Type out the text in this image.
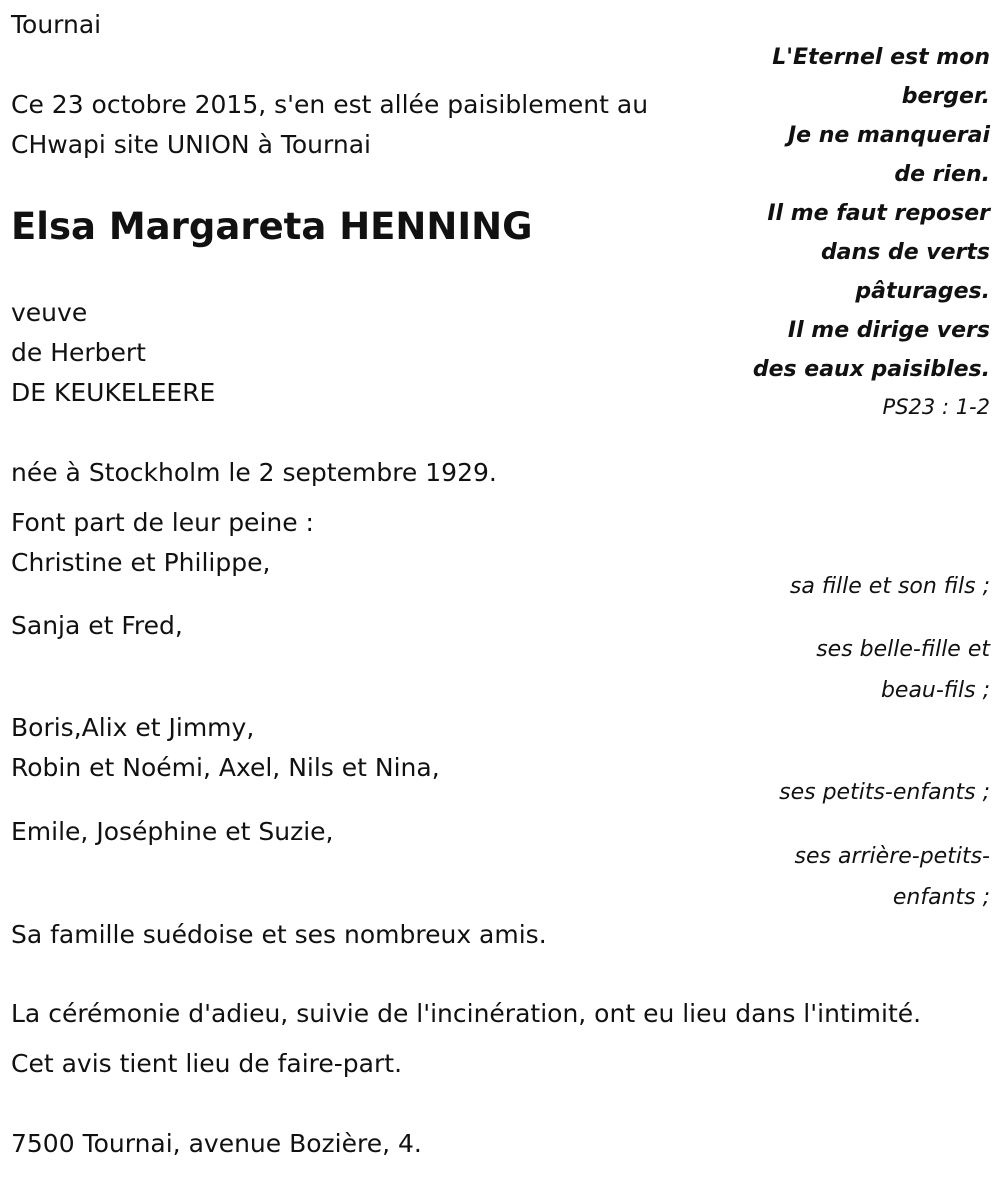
Tournai

Ce 23 octobre 2015, s'en est allée paisiblement au

CHwapi site UNION à Tournai

Elsa Margareta HENNING

veuve

de Herbert

DE KEUKELEERE

née à Stockholm le 2 septembre 1929.

L'Eternel est mon
berger.
Je ne manquerai
de rien.
Il me faut reposer
dans de verts
pâturages.
Il me dirige vers
des eaux paisibles.
PS23 : 1-2

Font part de leur peine :

Christine et Philippe,

sa fille et son fils ;

Sanja et Fred,

ses belle-fille et
beau-fils ;

Boris,Alix et Jimmy,

Robin et Noémi, Axel, Nils et Nina,

ses petits-enfants ;

Emile, Joséphine et Suzie,

ses arrière-petits-
enfants ;

Sa famille suédoise et ses nombreux amis.

La cérémonie d'adieu, suivie de l'incinération, ont eu lieu dans l'intimité.

Cet avis tient lieu de faire-part.

7500 Tournai, avenue Bozière, 4.
